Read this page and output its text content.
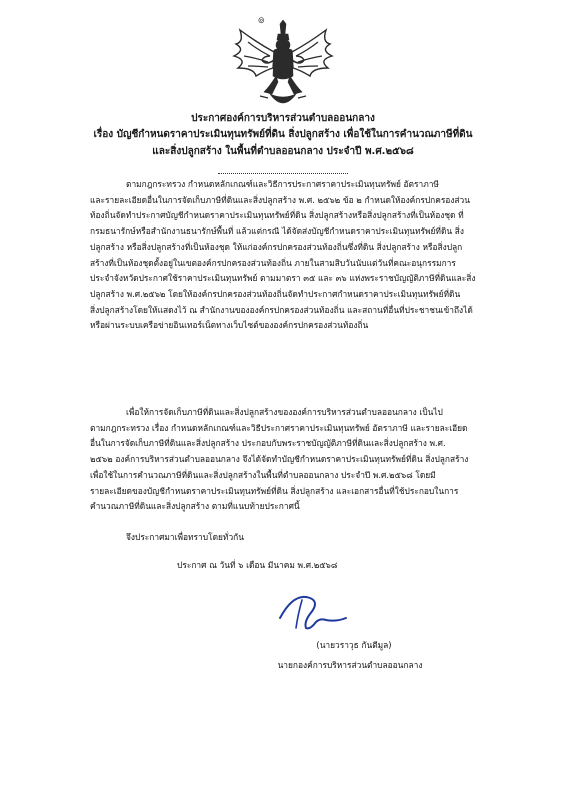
๏
ประกาศองค์การบริหารส่วนตำบลออนกลาง
เรื่อง บัญชีกำหนดราคาประเมินทุนทรัพย์ที่ดิน สิ่งปลูกสร้าง เพื่อใช้ในการคำนวณภาษีที่ดิน
และสิ่งปลูกสร้าง ในพื้นที่ตำบลออนกลาง ประจำปี พ.ศ.๒๕๖๘
ตามกฎกระทรวง กำหนดหลักเกณฑ์และวิธีการประกาศราคาประเมินทุนทรัพย์ อัตราภาษี
และรายละเอียดอื่นในการจัดเก็บภาษีที่ดินและสิ่งปลูกสร้าง พ.ศ. ๒๕๖๒ ข้อ ๒ กำหนดให้องค์กรปกครองส่วน
ท้องถิ่นจัดทำประกาศบัญชีกำหนดราคาประเมินทุนทรัพย์ที่ดิน สิ่งปลูกสร้างหรือสิ่งปลูกสร้างที่เป็นห้องชุด ที่
กรมธนารักษ์หรือสำนักงานธนารักษ์พื้นที่ แล้วแต่กรณี ได้จัดส่งบัญชีกำหนดราคาประเมินทุนทรัพย์ที่ดิน สิ่ง
ปลูกสร้าง หรือสิ่งปลูกสร้างที่เป็นห้องชุด ให้แก่องค์กรปกครองส่วนท้องถิ่นซึ่งที่ดิน สิ่งปลูกสร้าง หรือสิ่งปลูก
สร้างที่เป็นห้องชุดตั้งอยู่ในเขตองค์กรปกครองส่วนท้องถิ่น ภายในสามสิบวันนับแต่วันที่คณะอนุกรรมการ
ประจำจังหวัดประกาศใช้ราคาประเมินทุนทรัพย์ ตามมาตรา ๓๕ และ ๓๖ แห่งพระราชบัญญัติภาษีที่ดินและสิ่ง
ปลูกสร้าง พ.ศ.๒๕๖๒ โดยให้องค์กรปกครองส่วนท้องถิ่นจัดทำประกาศกำหนดราคาประเมินทุนทรัพย์ที่ดิน
สิ่งปลูกสร้างโดยให้แสดงไว้ ณ สำนักงานขององค์กรปกครองส่วนท้องถิ่น และสถานที่อื่นที่ประชาชนเข้าถึงได้
หรือผ่านระบบเครือข่ายอินเทอร์เน็ตทางเว็บไซต์ขององค์กรปกครองส่วนท้องถิ่น
เพื่อให้การจัดเก็บภาษีที่ดินและสิ่งปลูกสร้างขององค์การบริหารส่วนตำบลออนกลาง เป็นไป
ตามกฎกระทรวง เรื่อง กำหนดหลักเกณฑ์และวิธีประกาศราคาประเมินทุนทรัพย์ อัตราภาษี และรายละเอียด
อื่นในการจัดเก็บภาษีที่ดินและสิ่งปลูกสร้าง ประกอบกับพระราชบัญญัติภาษีที่ดินและสิ่งปลูกสร้าง พ.ศ.
๒๕๖๒ องค์การบริหารส่วนตำบลออนกลาง จึงได้จัดทำบัญชีกำหนดราคาประเมินทุนทรัพย์ที่ดิน สิ่งปลูกสร้าง
เพื่อใช้ในการคำนวณภาษีที่ดินและสิ่งปลูกสร้างในพื้นที่ตำบลออนกลาง ประจำปี พ.ศ.๒๕๖๘ โดยมี
รายละเอียดของบัญชีกำหนดราคาประเมินทุนทรัพย์ที่ดิน สิ่งปลูกสร้าง และเอกสารอื่นที่ใช้ประกอบในการ
คำนวณภาษีที่ดินและสิ่งปลูกสร้าง ตามที่แนบท้ายประกาศนี้
จึงประกาศมาเพื่อทราบโดยทั่วกัน
ประกาศ ณ วันที่ ๖ เดือน มีนาคม พ.ศ.๒๕๖๘
(นายวราวุธ กันตีมูล)
นายกองค์การบริหารส่วนตำบลออนกลาง
